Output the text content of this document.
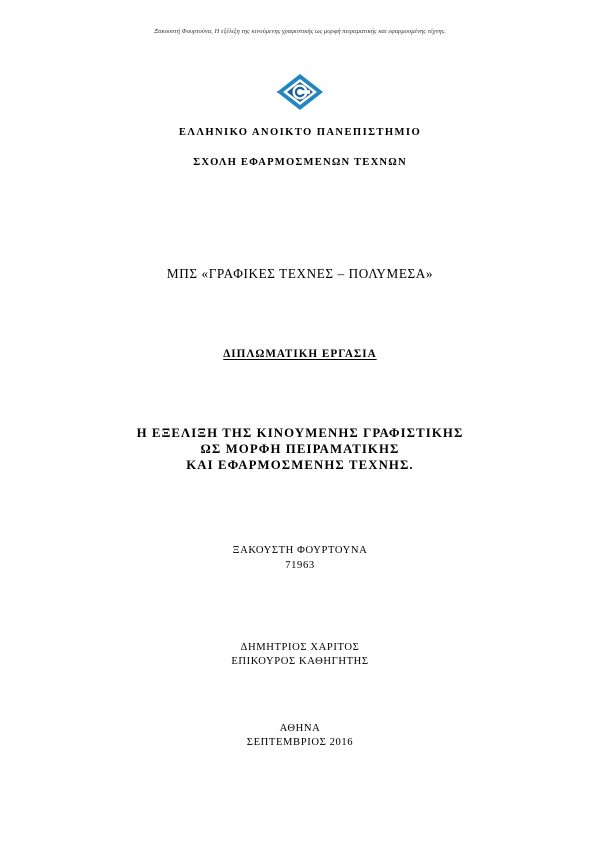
Ξακουστή Φουρτούνα, Η εξέλιξη της κινούμενης γραφιστικής ως μορφή πειραματικής και εφαρμοσμένης τέχνης.
ΕΛΛΗΝΙΚΟ ΑΝΟΙΚΤΟ ΠΑΝΕΠΙΣΤΗΜΙΟ
ΣΧΟΛΗ ΕΦΑΡΜΟΣΜΕΝΩΝ ΤΕΧΝΩΝ
ΜΠΣ «ΓΡΑΦΙΚΕΣ ΤΕΧΝΕΣ – ΠΟΛΥΜΕΣΑ»
ΔΙΠΛΩΜΑΤΙΚΗ ΕΡΓΑΣΙΑ
Η ΕΞΕΛΙΞΗ ΤΗΣ ΚΙΝΟΥΜΕΝΗΣ ΓΡΑΦΙΣΤΙΚΗΣ
ΩΣ ΜΟΡΦΗ ΠΕΙΡΑΜΑΤΙΚΗΣ
ΚΑΙ ΕΦΑΡΜΟΣΜΕΝΗΣ ΤΕΧΝΗΣ.
ΞΑΚΟΥΣΤΗ ΦΟΥΡΤΟΥΝΑ
71963
ΔΗΜΗΤΡΙΟΣ ΧΑΡΙΤΟΣ
ΕΠΙΚΟΥΡΟΣ ΚΑΘΗΓΗΤΗΣ
ΑΘΗΝΑ
ΣΕΠΤΕΜΒΡΙΟΣ 2016
